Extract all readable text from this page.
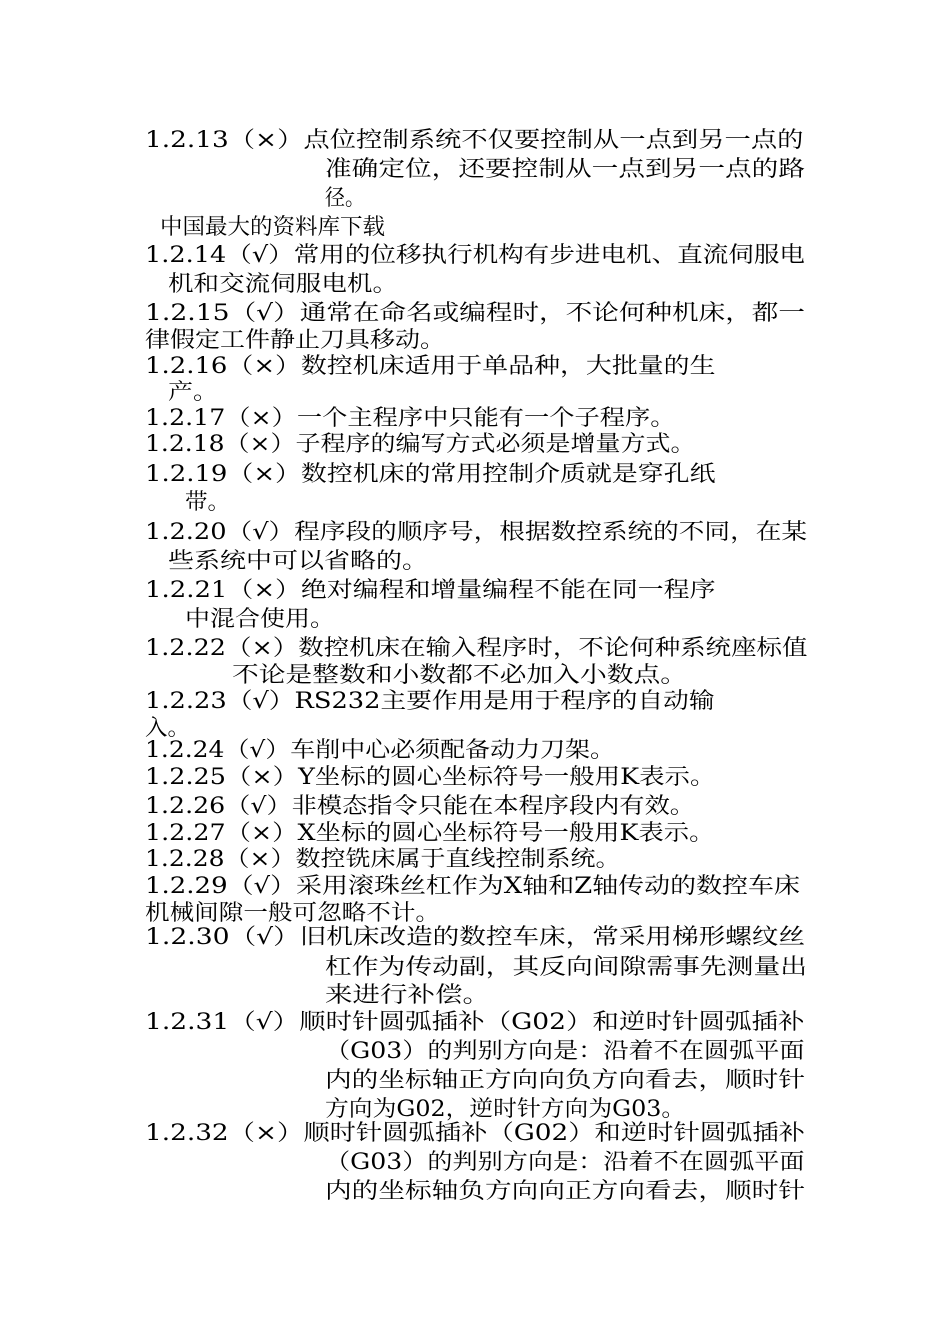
1.2.13（×）点位控制系统不仅要控制从一点到另一点的
准确定位，还要控制从一点到另一点的路
径。
中国最大的资料库下载
1.2.14（√）常用的位移执行机构有步进电机、直流伺服电
机和交流伺服电机。
1.2.15（√）通常在命名或编程时，不论何种机床，都一
律假定工件静止刀具移动。
1.2.16（×）数控机床适用于单品种，大批量的生
产。
1.2.17（×）一个主程序中只能有一个子程序。
1.2.18（×）子程序的编写方式必须是增量方式。
1.2.19（×）数控机床的常用控制介质就是穿孔纸
带。
1.2.20（√）程序段的顺序号，根据数控系统的不同，在某
些系统中可以省略的。
1.2.21（×）绝对编程和增量编程不能在同一程序
中混合使用。
1.2.22（×）数控机床在输入程序时，不论何种系统座标值
不论是整数和小数都不必加入小数点。
1.2.23（√）RS232主要作用是用于程序的自动输
入。
1.2.24（√）车削中心必须配备动力刀架。
1.2.25（×）Y坐标的圆心坐标符号一般用K表示。
1.2.26（√）非模态指令只能在本程序段内有效。
1.2.27（×）X坐标的圆心坐标符号一般用K表示。
1.2.28（×）数控铣床属于直线控制系统。
1.2.29（√）采用滚珠丝杠作为X轴和Z轴传动的数控车床
机械间隙一般可忽略不计。
1.2.30（√）旧机床改造的数控车床，常采用梯形螺纹丝
杠作为传动副，其反向间隙需事先测量出
来进行补偿。
1.2.31（√）顺时针圆弧插补（G02）和逆时针圆弧插补
（G03）的判别方向是：沿着不在圆弧平面
内的坐标轴正方向向负方向看去，顺时针
方向为G02，逆时针方向为G03。
1.2.32（×）顺时针圆弧插补（G02）和逆时针圆弧插补
（G03）的判别方向是：沿着不在圆弧平面
内的坐标轴负方向向正方向看去，顺时针
